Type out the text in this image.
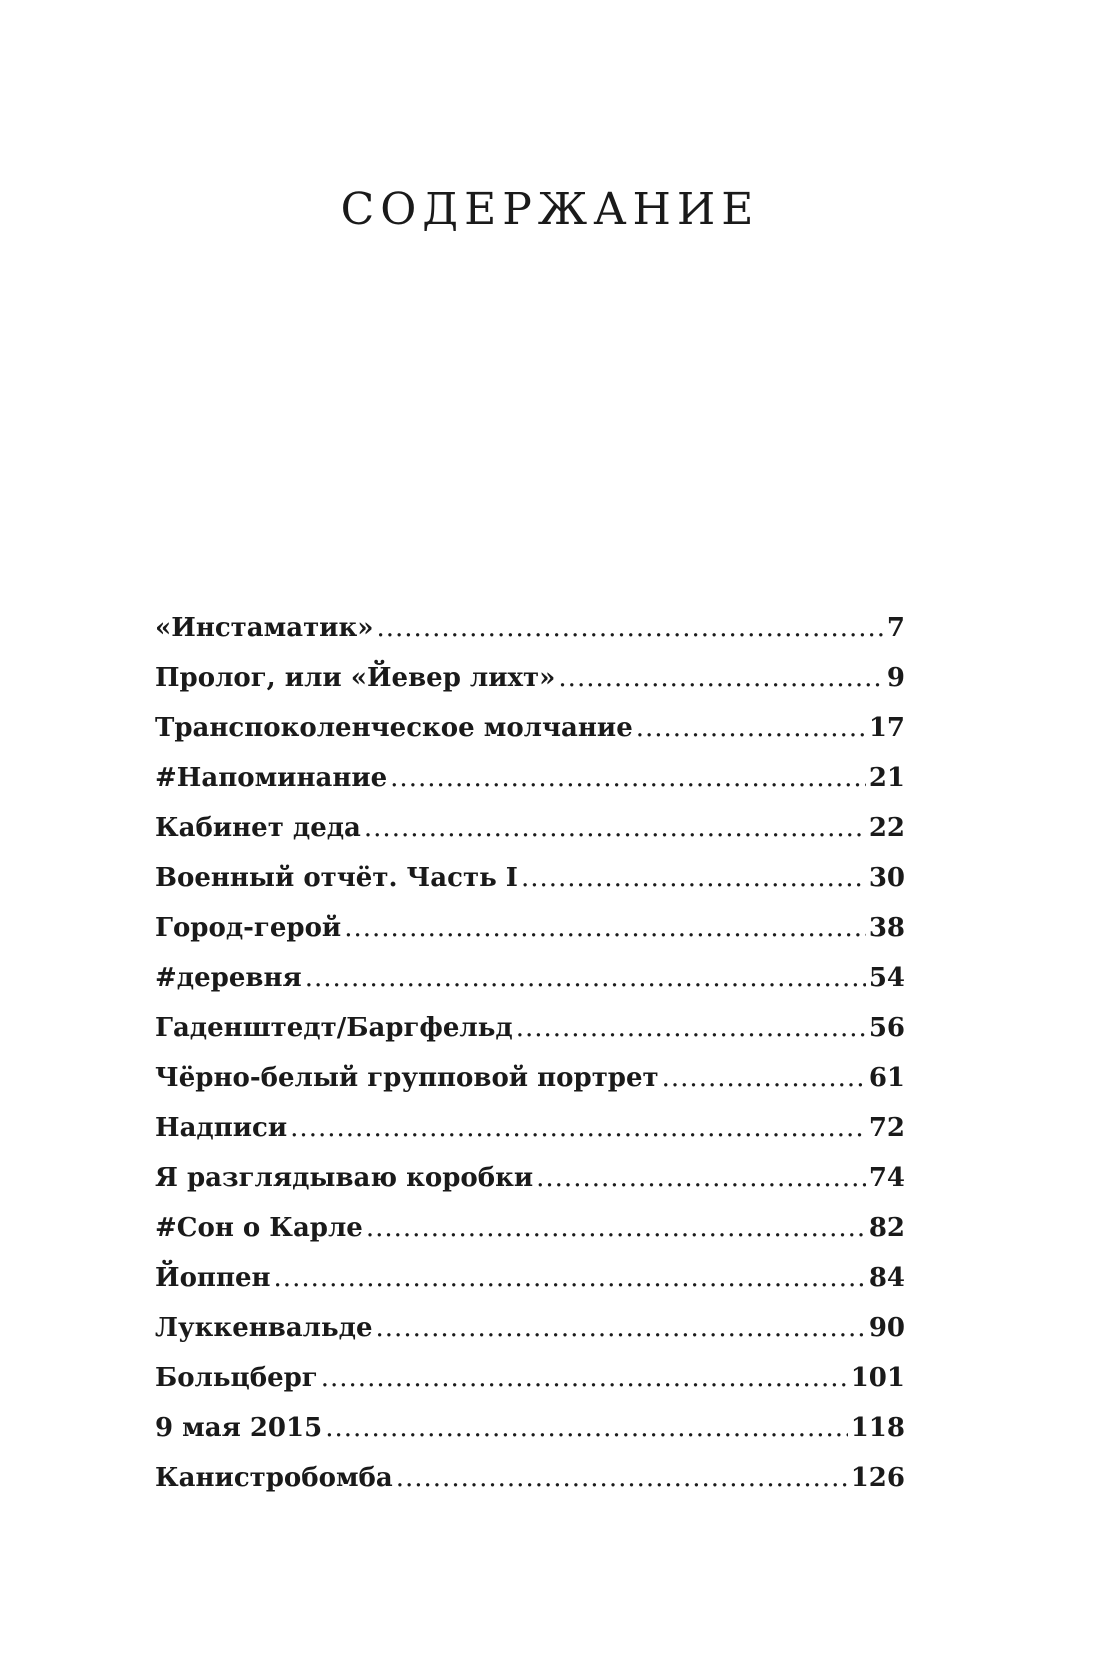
СОДЕРЖАНИЕ
«Инстаматик» .....	7
Пролог, или «Йевер лихт» .....	9
Транспоколенческое молчание .....	17
#Напоминание .....	21
Кабинет деда .....	22
Военный отчёт. Часть I .....	30
Город-герой .....	38
#деревня .....	54
Гаденштедт/Баргфельд .....	56
Чёрно-белый групповой портрет .....	61
Надписи .....	72
Я разглядываю коробки .....	74
#Сон о Карле .....	82
Йоппен .....	84
Луккенвальде .....	90
Больцберг .....	101
9 мая 2015 .....	118
Канистробомба .....	126
